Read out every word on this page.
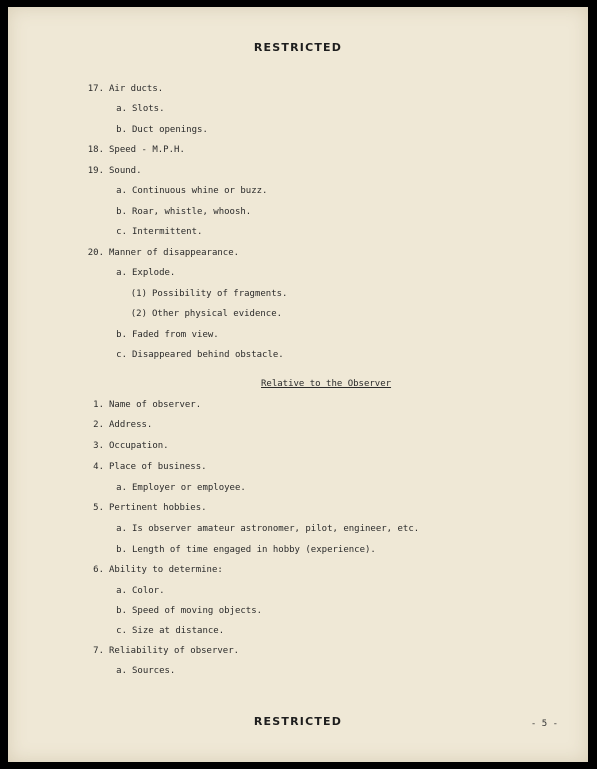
RESTRICTED
17. Air ducts.
a. Slots.
b. Duct openings.
18. Speed - M.P.H.
19. Sound.
a. Continuous whine or buzz.
b. Roar, whistle, whoosh.
c. Intermittent.
20. Manner of disappearance.
a. Explode.
(1) Possibility of fragments.
(2) Other physical evidence.
b. Faded from view.
c. Disappeared behind obstacle.
Relative to the Observer
1. Name of observer.
2. Address.
3. Occupation.
4. Place of business.
a. Employer or employee.
5. Pertinent hobbies.
a. Is observer amateur astronomer, pilot, engineer, etc.
b. Length of time engaged in hobby (experience).
6. Ability to determine:
a. Color.
b. Speed of moving objects.
c. Size at distance.
7. Reliability of observer.
a. Sources.
RESTRICTED	- 5 -
